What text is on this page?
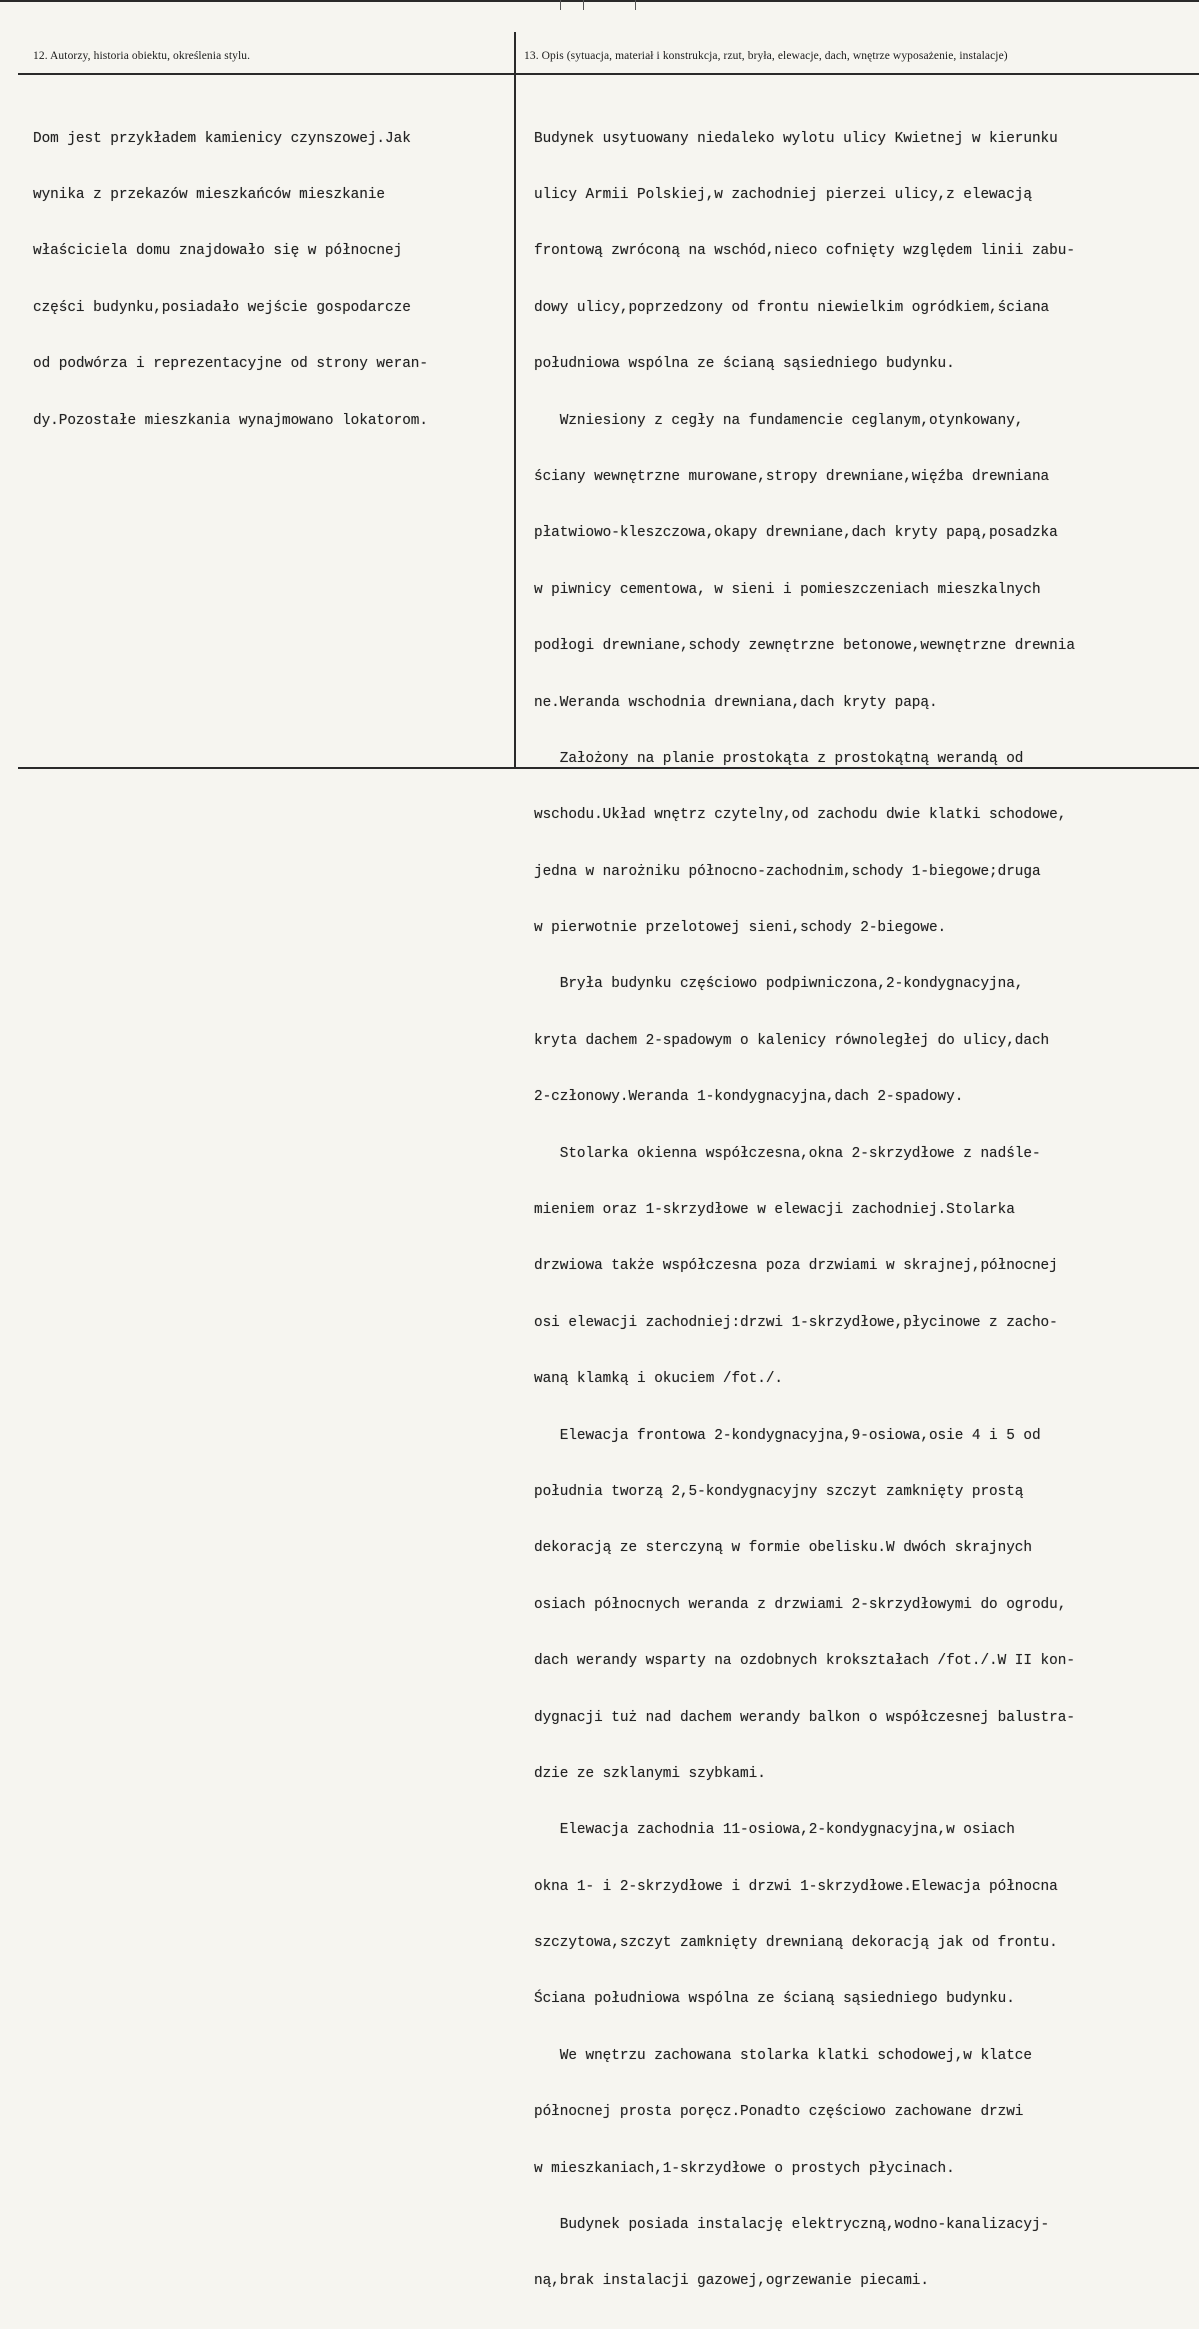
12. Autorzy, historia obiektu, określenia stylu.	13. Opis (sytuacja, materiał i konstrukcja, rzut, bryła, elewacje, dach, wnętrze wyposażenie, instalacje)

Dom jest przykładem kamienicy czynszowej.Jak

wynika z przekazów mieszkańców mieszkanie

właściciela domu znajdowało się w północnej

części budynku,posiadało wejście gospodarcze

od podwórza i reprezentacyjne od strony weran-

dy.Pozostałe mieszkania wynajmowano lokatorom.

Budynek usytuowany niedaleko wylotu ulicy Kwietnej w kierunku

ulicy Armii Polskiej,w zachodniej pierzei ulicy,z elewacją

frontową zwróconą na wschód,nieco cofnięty względem linii zabu-

dowy ulicy,poprzedzony od frontu niewielkim ogródkiem,ściana

południowa wspólna ze ścianą sąsiedniego budynku.

Wzniesiony z cegły na fundamencie ceglanym,otynkowany,

ściany wewnętrzne murowane,stropy drewniane,więźba drewniana

płatwiowo-kleszczowa,okapy drewniane,dach kryty papą,posadzka

w piwnicy cementowa, w sieni i pomieszczeniach mieszkalnych

podłogi drewniane,schody zewnętrzne betonowe,wewnętrzne drewnia

ne.Weranda wschodnia drewniana,dach kryty papą.

Założony na planie prostokąta z prostokątną werandą od

wschodu.Układ wnętrz czytelny,od zachodu dwie klatki schodowe,

jedna w narożniku północno-zachodnim,schody 1-biegowe;druga

w pierwotnie przelotowej sieni,schody 2-biegowe.

Bryła budynku częściowo podpiwniczona,2-kondygnacyjna,

kryta dachem 2-spadowym o kalenicy równoległej do ulicy,dach

2-członowy.Weranda 1-kondygnacyjna,dach 2-spadowy.

Stolarka okienna współczesna,okna 2-skrzydłowe z nadśle-

mieniem oraz 1-skrzydłowe w elewacji zachodniej.Stolarka

drzwiowa także współczesna poza drzwiami w skrajnej,północnej

osi elewacji zachodniej:drzwi 1-skrzydłowe,płycinowe z zacho-

waną klamką i okuciem /fot./.

Elewacja frontowa 2-kondygnacyjna,9-osiowa,osie 4 i 5 od

południa tworzą 2,5-kondygnacyjny szczyt zamknięty prostą

dekoracją ze sterczyną w formie obelisku.W dwóch skrajnych

osiach północnych weranda z drzwiami 2-skrzydłowymi do ogrodu,

dach werandy wsparty na ozdobnych krokształach /fot./.W II kon-

dygnacji tuż nad dachem werandy balkon o współczesnej balustra-

dzie ze szklanymi szybkami.

Elewacja zachodnia 11-osiowa,2-kondygnacyjna,w osiach

okna 1- i 2-skrzydłowe i drzwi 1-skrzydłowe.Elewacja północna

szczytowa,szczyt zamknięty drewnianą dekoracją jak od frontu.

Ściana południowa wspólna ze ścianą sąsiedniego budynku.

We wnętrzu zachowana stolarka klatki schodowej,w klatce

północnej prosta poręcz.Ponadto częściowo zachowane drzwi

w mieszkaniach,1-skrzydłowe o prostych płycinach.

Budynek posiada instalację elektryczną,wodno-kanalizacyj-

ną,brak instalacji gazowej,ogrzewanie piecami.
